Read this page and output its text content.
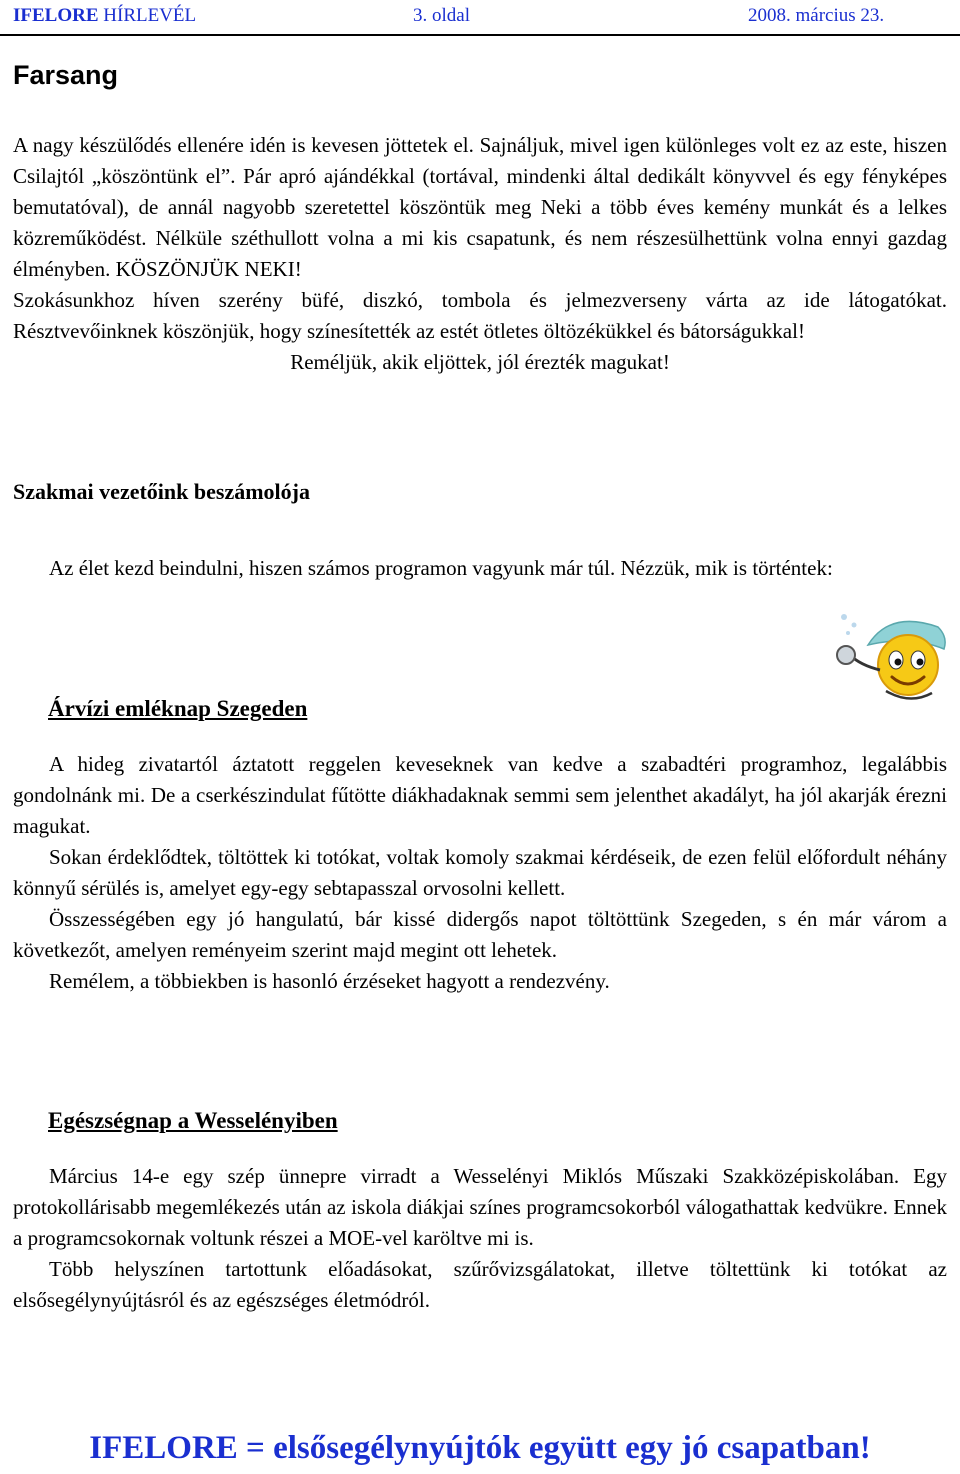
IFELORE HÍRLEVÉL	3. oldal	2008. március 23.
Farsang

A nagy készülődés ellenére idén is kevesen jöttetek el. Sajnáljuk, mivel igen különleges volt ez az este, hiszen Csilajtól „köszöntünk el”. Pár apró ajándékkal (tortával, mindenki által dedikált könyvvel és egy fényképes bemutatóval), de annál nagyobb szeretettel köszöntük meg Neki a több éves kemény munkát és a lelkes közreműködést. Nélküle széthullott volna a mi kis csapatunk, és nem részesülhettünk volna ennyi gazdag élményben. KÖSZÖNJÜK NEKI!

Szokásunkhoz híven szerény büfé, diszkó, tombola és jelmezverseny várta az ide látogatókat. Résztvevőinknek köszönjük, hogy színesítették az estét ötletes öltözékükkel és bátorságukkal!

Reméljük, akik eljöttek, jól érezték magukat!

Szakmai vezetőink beszámolója

Az élet kezd beindulni, hiszen számos programon vagyunk már túl. Nézzük, mik is történtek:

Árvízi emléknap Szegeden

A hideg zivatartól áztatott reggelen keveseknek van kedve a szabadtéri programhoz, legalábbis gondolnánk mi. De a cserkészindulat fűtötte diákhadaknak semmi sem jelenthet akadályt, ha jól akarják érezni magukat.

Sokan érdeklődtek, töltöttek ki totókat, voltak komoly szakmai kérdéseik, de ezen felül előfordult néhány könnyű sérülés is, amelyet egy-egy sebtapasszal orvosolni kellett.

Összességében egy jó hangulatú, bár kissé didergős napot töltöttünk Szegeden, s én már várom a következőt, amelyen reményeim szerint majd megint ott lehetek.

Remélem, a többiekben is hasonló érzéseket hagyott a rendezvény.

Egészségnap a Wesselényiben

Március 14-e egy szép ünnepre virradt a Wesselényi Miklós Műszaki Szakközépiskolában. Egy protokollárisabb megemlékezés után az iskola diákjai színes programcsokorból válogathattak kedvükre. Ennek a programcsokornak voltunk részei a MOE-vel karöltve mi is.

Több helyszínen tartottunk előadásokat, szűrővizsgálatokat, illetve töltettünk ki totókat az elsősegélynyújtásról és az egészséges életmódról.

IFELORE = elsősegélynyújtók együtt egy jó csapatban!
